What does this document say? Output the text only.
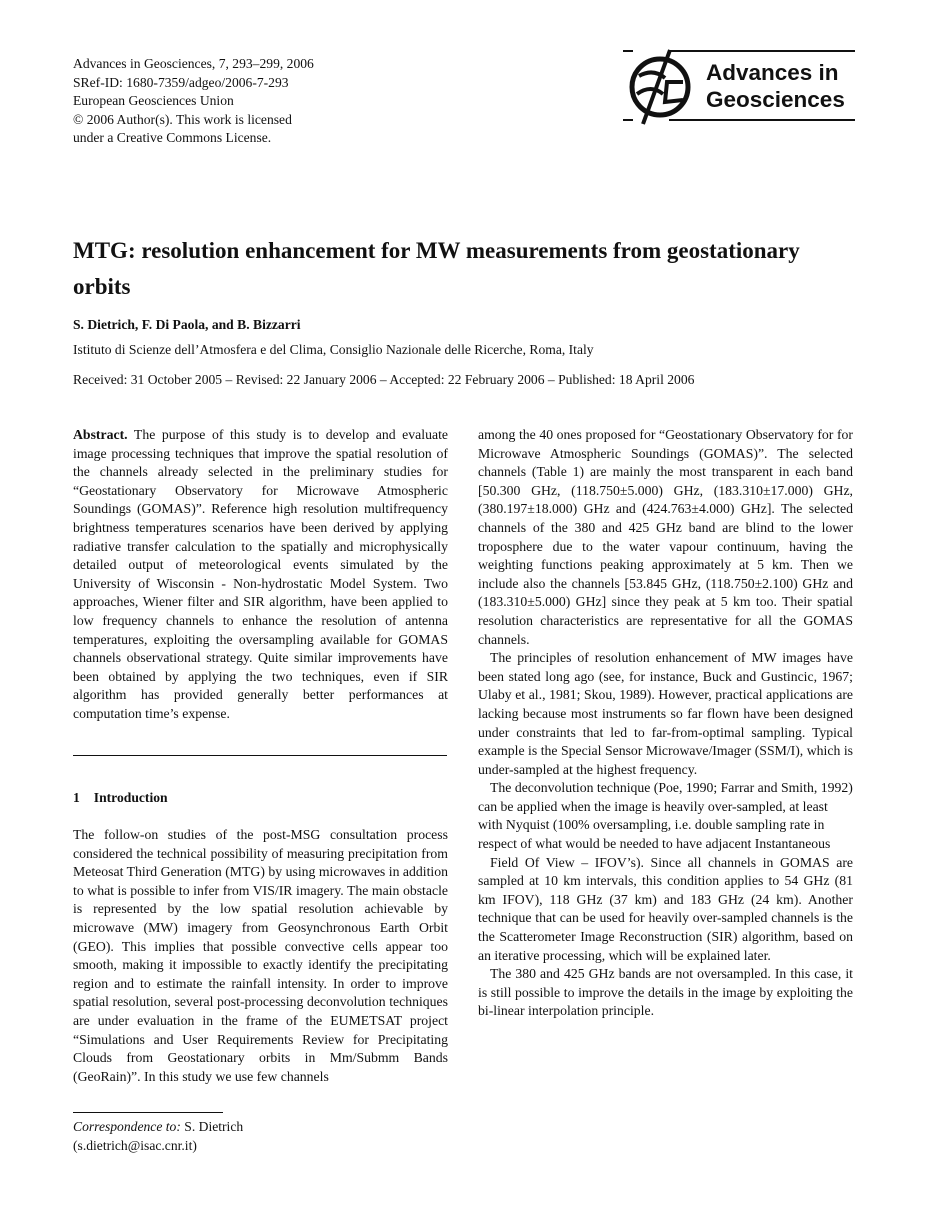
Advances in Geosciences, 7, 293–299, 2006
SRef-ID: 1680-7359/adgeo/2006-7-293
European Geosciences Union
© 2006 Author(s). This work is licensed
under a Creative Commons License.
Advances in
Geosciences
MTG: resolution enhancement for MW measurements from geostationary orbits
S. Dietrich, F. Di Paola, and B. Bizzarri
Istituto di Scienze dell’Atmosfera e del Clima, Consiglio Nazionale delle Ricerche, Roma, Italy
Received: 31 October 2005 – Revised: 22 January 2006 – Accepted: 22 February 2006 – Published: 18 April 2006

Abstract. The purpose of this study is to develop and evaluate image processing techniques that improve the spatial resolution of the channels already selected in the preliminary studies for “Geostationary Observatory for Microwave Atmospheric Soundings (GOMAS)”. Reference high resolution multifrequency brightness temperatures scenarios have been derived by applying radiative transfer calculation to the spatially and microphysically detailed output of meteorological events simulated by the University of Wisconsin - Non-hydrostatic Model System. Two approaches, Wiener filter and SIR algorithm, have been applied to low frequency channels to enhance the resolution of antenna temperatures, exploiting the oversampling available for GOMAS channels observational strategy. Quite similar improvements have been obtained by applying the two techniques, even if SIR algorithm has provided generally better performances at computation time’s expense.

1 Introduction

The follow-on studies of the post-MSG consultation process considered the technical possibility of measuring precipitation from Meteosat Third Generation (MTG) by using microwaves in addition to what is possible to infer from VIS/IR imagery. The main obstacle is represented by the low spatial resolution achievable by microwave (MW) imagery from Geosynchronous Earth Orbit (GEO). This implies that possible convective cells appear too smooth, making it impossible to exactly identify the precipitating region and to estimate the rainfall intensity. In order to improve spatial resolution, several post-processing deconvolution techniques are under evaluation in the frame of the EUMETSAT project “Simulations and User Requirements Review for Precipitating Clouds from Geostationary orbits in Mm/Submm Bands (GeoRain)”. In this study we use few channels

among the 40 ones proposed for “Geostationary Observatory for for Microwave Atmospheric Soundings (GOMAS)”. The selected channels (Table 1) are mainly the most transparent in each band [50.300 GHz, (118.750±5.000) GHz, (183.310±17.000) GHz, (380.197±18.000) GHz and (424.763±4.000) GHz]. The selected channels of the 380 and 425 GHz band are blind to the lower troposphere due to the water vapour continuum, having the weighting functions peaking approximately at 5 km. Then we include also the channels [53.845 GHz, (118.750±2.100) GHz and (183.310±5.000) GHz] since they peak at 5 km too. Their spatial resolution characteristics are representative for all the GOMAS channels.

The principles of resolution enhancement of MW images have been stated long ago (see, for instance, Buck and Gustincic, 1967; Ulaby et al., 1981; Skou, 1989). However, practical applications are lacking because most instruments so far flown have been designed under constraints that led to far-from-optimal sampling. Typical example is the Special Sensor Microwave/Imager (SSM/I), which is under-sampled at the highest frequency.

The deconvolution technique (Poe, 1990; Farrar and Smith, 1992) can be applied when the image is heavily over-sampled, at least with Nyquist (100% oversampling, i.e. double sampling rate in respect of what would be needed to have adjacent Instantaneous

Field Of View – IFOV’s). Since all channels in GOMAS are sampled at 10 km intervals, this condition applies to 54 GHz (81 km IFOV), 118 GHz (37 km) and 183 GHz (24 km). Another technique that can be used for heavily over-sampled channels is the the Scatterometer Image Reconstruction (SIR) algorithm, based on an iterative processing, which will be explained later.

The 380 and 425 GHz bands are not oversampled. In this case, it is still possible to improve the details in the image by exploiting the bi-linear interpolation principle.

Correspondence to: S. Dietrich
(s.dietrich@isac.cnr.it)
